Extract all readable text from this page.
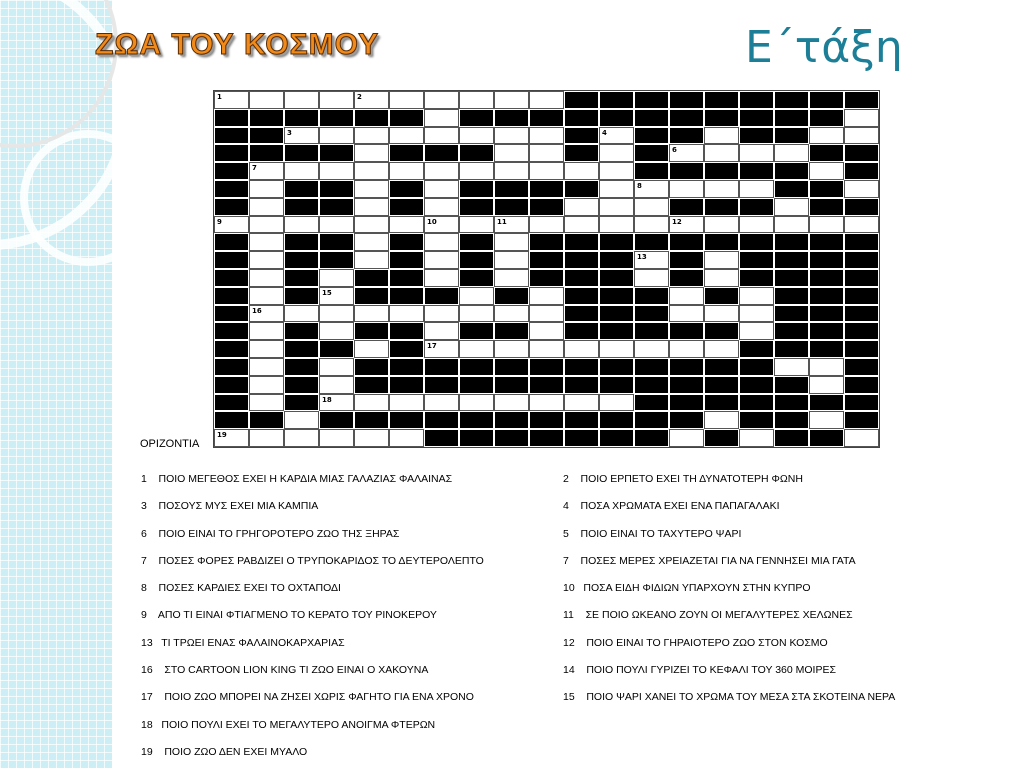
ΖΩΑ ΤΟΥ ΚΟΣΜΟΥ	Ε΄τάξη
1	2
3	4
6
7
8
9	10	11	12
13
15
16
17
18
19
ΟΡΙΖΟΝΤΙΑ
1    ΠΟΙΟ ΜΕΓΕΘΟΣ ΕΧΕΙ Η ΚΑΡΔΙΑ ΜΙΑΣ ΓΑΛΑΖΙΑΣ ΦΑΛΑΙΝΑΣ
3    ΠΟΣΟΥΣ ΜΥΣ ΕΧΕΙ ΜΙΑ ΚΑΜΠΙΑ
6    ΠΟΙΟ ΕΙΝΑΙ ΤΟ ΓΡΗΓΟΡΟΤΕΡΟ ΖΩΟ ΤΗΣ ΞΗΡΑΣ
7    ΠΟΣΕΣ ΦΟΡΕΣ ΡΑΒΔΙΖΕΙ Ο ΤΡΥΠΟΚΑΡΙΔΟΣ ΤΟ ΔΕΥΤΕΡΟΛΕΠΤΟ
8    ΠΟΣΕΣ ΚΑΡΔΙΕΣ ΕΧΕΙ ΤΟ ΟΧΤΑΠΟΔΙ
9    ΑΠΟ ΤΙ ΕΙΝΑΙ ΦΤΙΑΓΜΕΝΟ ΤΟ ΚΕΡΑΤΟ ΤΟΥ ΡΙΝΟΚΕΡΟΥ
13   ΤΙ ΤΡΩΕΙ ΕΝΑΣ ΦΑΛΑΙΝΟΚΑΡΧΑΡΙΑΣ
16    ΣΤΟ CARTOON LION KING ΤΙ ΖΩΟ ΕΙΝΑΙ Ο ΧΑΚΟΥΝΑ
17    ΠΟΙΟ ΖΩΟ ΜΠΟΡΕΙ ΝΑ ΖΗΣΕΙ ΧΩΡΙΣ ΦΑΓΗΤΟ ΓΙΑ ΕΝΑ ΧΡΟΝΟ
18   ΠΟΙΟ ΠΟΥΛΙ ΕΧΕΙ ΤΟ ΜΕΓΑΛΥΤΕΡΟ ΑΝΟΙΓΜΑ ΦΤΕΡΩΝ
19    ΠΟΙΟ ΖΩΟ ΔΕΝ ΕΧΕΙ ΜΥΑΛΟ
2    ΠΟΙΟ ΕΡΠΕΤΟ ΕΧΕΙ ΤΗ ΔΥΝΑΤΟΤΕΡΗ ΦΩΝΗ
4    ΠΟΣΑ ΧΡΩΜΑΤΑ ΕΧΕΙ ΕΝΑ ΠΑΠΑΓΑΛΑΚΙ
5    ΠΟΙΟ ΕΙΝΑΙ ΤΟ ΤΑΧΥΤΕΡΟ ΨΑΡΙ
7    ΠΟΣΕΣ ΜΕΡΕΣ ΧΡΕΙΑΖΕΤΑΙ ΓΙΑ ΝΑ ΓΕΝΝΗΣΕΙ ΜΙΑ ΓΑΤΑ
10   ΠΟΣΑ ΕΙΔΗ ΦΙΔΙΩΝ ΥΠΑΡΧΟΥΝ ΣΤΗΝ ΚΥΠΡΟ
11    ΣΕ ΠΟΙΟ ΩΚΕΑΝΟ ΖΟΥΝ ΟΙ ΜΕΓΑΛΥΤΕΡΕΣ ΧΕΛΩΝΕΣ
12    ΠΟΙΟ ΕΙΝΑΙ ΤΟ ΓΗΡΑΙΟΤΕΡΟ ΖΩΟ ΣΤΟΝ ΚΟΣΜΟ
14    ΠΟΙΟ ΠΟΥΛΙ ΓΥΡΙΖΕΙ ΤΟ ΚΕΦΑΛΙ ΤΟΥ 360 ΜΟΙΡΕΣ
15    ΠΟΙΟ ΨΑΡΙ ΧΑΝΕΙ ΤΟ ΧΡΩΜΑ ΤΟΥ ΜΕΣΑ ΣΤΑ ΣΚΟΤΕΙΝΑ ΝΕΡΑ
